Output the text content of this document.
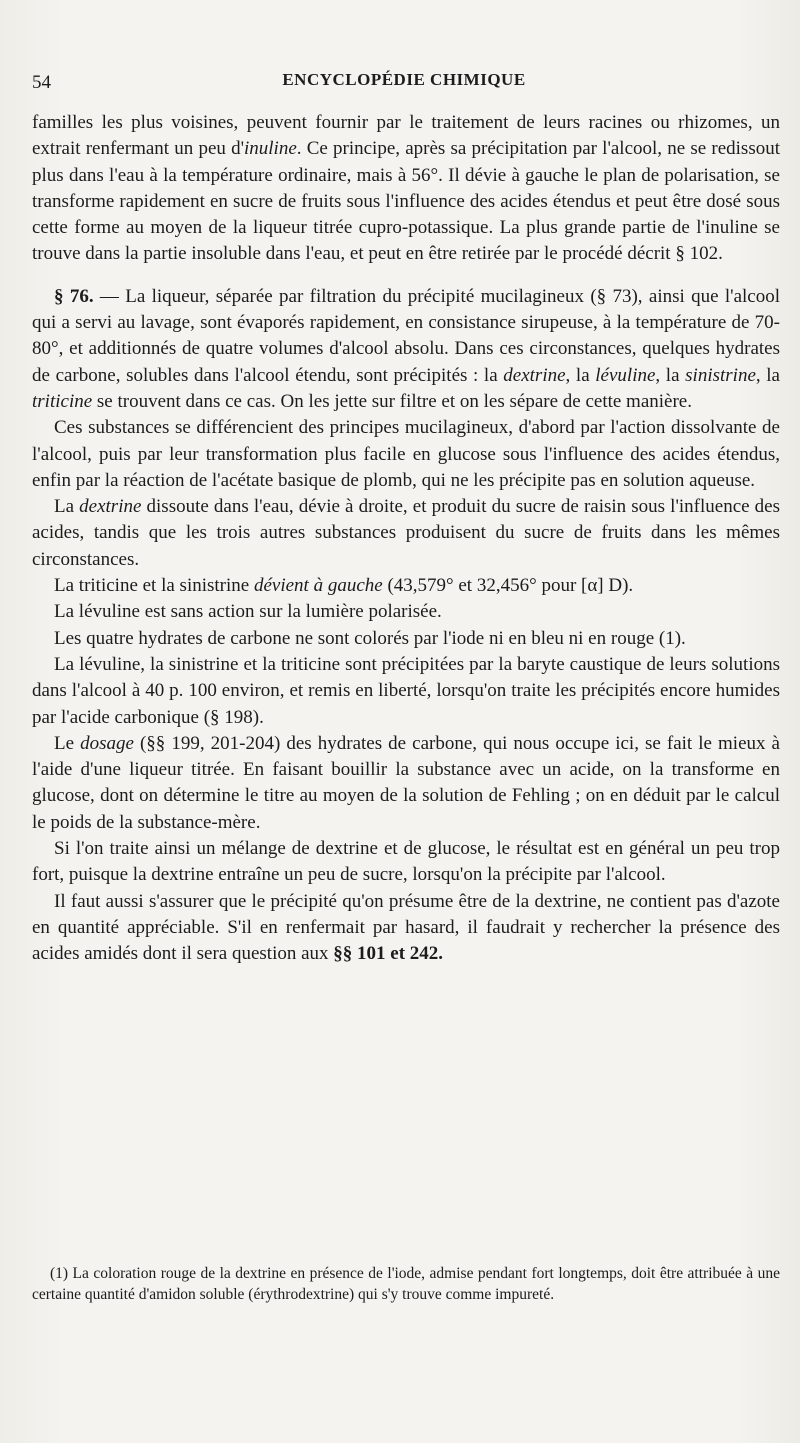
54	ENCYCLOPÉDIE CHIMIQUE

familles les plus voisines, peuvent fournir par le traitement de leurs racines ou rhizomes, un extrait renfermant un peu d'inuline. Ce principe, après sa précipitation par l'alcool, ne se redissout plus dans l'eau à la température ordinaire, mais à 56°. Il dévie à gauche le plan de polarisation, se transforme rapidement en sucre de fruits sous l'influence des acides étendus et peut être dosé sous cette forme au moyen de la liqueur titrée cupro-potassique. La plus grande partie de l'inuline se trouve dans la partie insoluble dans l'eau, et peut en être retirée par le procédé décrit § 102.

§ 76. — La liqueur, séparée par filtration du précipité mucilagineux (§ 73), ainsi que l'alcool qui a servi au lavage, sont évaporés rapidement, en consistance sirupeuse, à la température de 70-80°, et additionnés de quatre volumes d'alcool absolu. Dans ces circonstances, quelques hydrates de carbone, solubles dans l'alcool étendu, sont précipités : la dextrine, la lévuline, la sinistrine, la triticine se trouvent dans ce cas. On les jette sur filtre et on les sépare de cette manière.

Ces substances se différencient des principes mucilagineux, d'abord par l'action dissolvante de l'alcool, puis par leur transformation plus facile en glucose sous l'influence des acides étendus, enfin par la réaction de l'acétate basique de plomb, qui ne les précipite pas en solution aqueuse.

La dextrine dissoute dans l'eau, dévie à droite, et produit du sucre de raisin sous l'influence des acides, tandis que les trois autres substances produisent du sucre de fruits dans les mêmes circonstances.

La triticine et la sinistrine dévient à gauche (43,579° et 32,456° pour [α] D).

La lévuline est sans action sur la lumière polarisée.

Les quatre hydrates de carbone ne sont colorés par l'iode ni en bleu ni en rouge (1).

La lévuline, la sinistrine et la triticine sont précipitées par la baryte caustique de leurs solutions dans l'alcool à 40 p. 100 environ, et remis en liberté, lorsqu'on traite les précipités encore humides par l'acide carbonique (§ 198).

Le dosage (§§ 199, 201-204) des hydrates de carbone, qui nous occupe ici, se fait le mieux à l'aide d'une liqueur titrée. En faisant bouillir la substance avec un acide, on la transforme en glucose, dont on détermine le titre au moyen de la solution de Fehling ; on en déduit par le calcul le poids de la substance-mère.

Si l'on traite ainsi un mélange de dextrine et de glucose, le résultat est en général un peu trop fort, puisque la dextrine entraîne un peu de sucre, lorsqu'on la précipite par l'alcool.

Il faut aussi s'assurer que le précipité qu'on présume être de la dextrine, ne contient pas d'azote en quantité appréciable. S'il en renfermait par hasard, il faudrait y rechercher la présence des acides amidés dont il sera question aux §§ 101 et 242.

(1) La coloration rouge de la dextrine en présence de l'iode, admise pendant fort longtemps, doit être attribuée à une certaine quantité d'amidon soluble (érythrodextrine) qui s'y trouve comme impureté.
